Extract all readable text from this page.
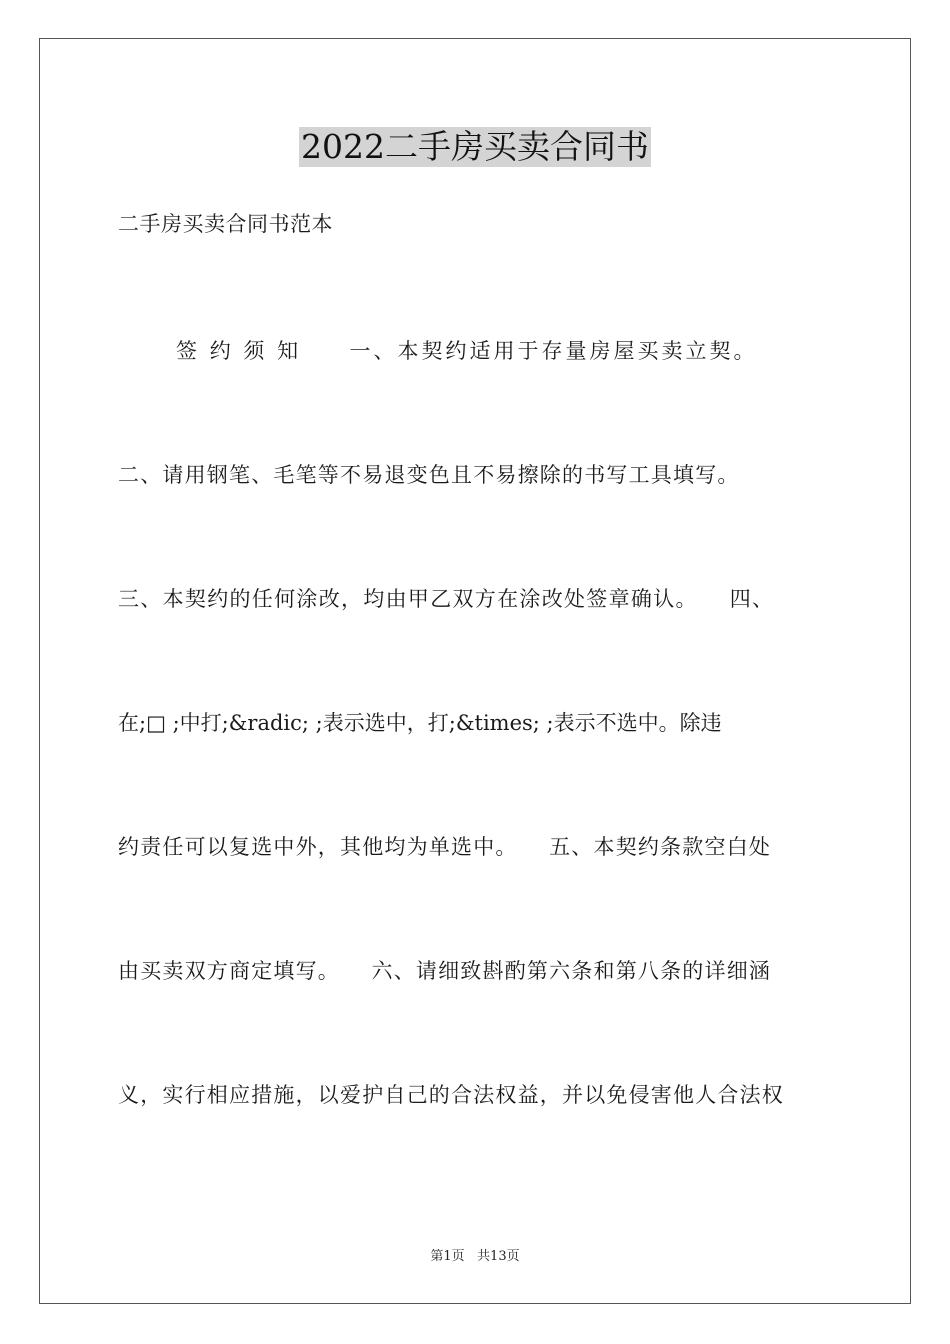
2022二手房买卖合同书
二手房买卖合同书范本
签 约 须 知     一、本契约适用于存量房屋买卖立契。
二、请用钢笔、毛笔等不易退变色且不易擦除的书写工具填写。
三、本契约的任何涂改，均由甲乙双方在涂改处签章确认。    四、
在;□ ;中打;&radic; ;表示选中，打;&times; ;表示不选中。除违
约责任可以复选中外，其他均为单选中。    五、本契约条款空白处
由买卖双方商定填写。    六、请细致斟酌第六条和第八条的详细涵
义，实行相应措施，以爱护自己的合法权益，并以免侵害他人合法权
第1页   共13页
